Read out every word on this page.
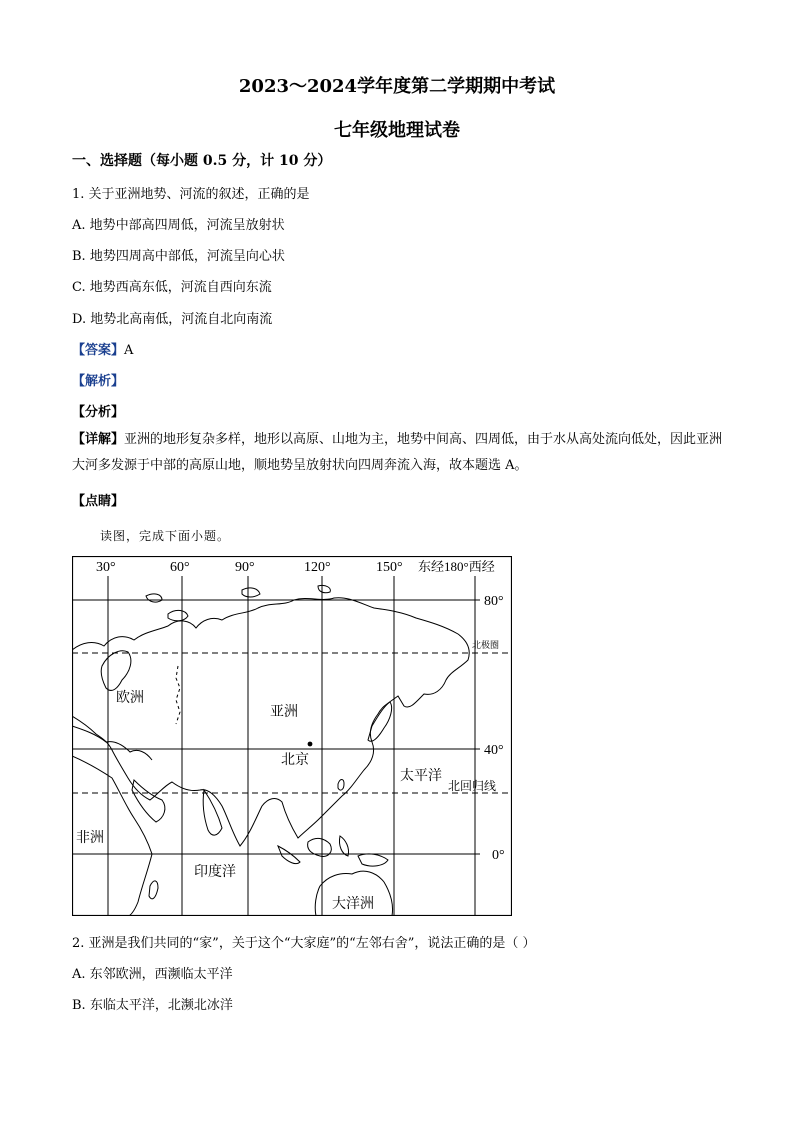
2023～2024学年度第二学期期中考试
七年级地理试卷
一、选择题（每小题 0.5 分，计 10 分）
1. 关于亚洲地势、河流的叙述，正确的是
A. 地势中部高四周低，河流呈放射状
B. 地势四周高中部低，河流呈向心状
C. 地势西高东低，河流自西向东流
D. 地势北高南低，河流自北向南流
【答案】A
【解析】
【分析】
【详解】亚洲的地形复杂多样，地形以高原、山地为主，地势中间高、四周低，由于水从高处流向低处，因此亚洲大河多发源于中部的高原山地，顺地势呈放射状向四周奔流入海，故本题选 A。
【点睛】
读图，完成下面小题。
30°	60°	90°	120°	150° 东经180°西经
80°
40°
0°
北极圈
北回归线
欧洲
亚洲
北京
太平洋
非洲
印度洋
大洋洲
2. 亚洲是我们共同的“家”，关于这个“大家庭”的“左邻右舍”，说法正确的是（ ）
A. 东邻欧洲，西濒临太平洋
B. 东临太平洋，北濒北冰洋
